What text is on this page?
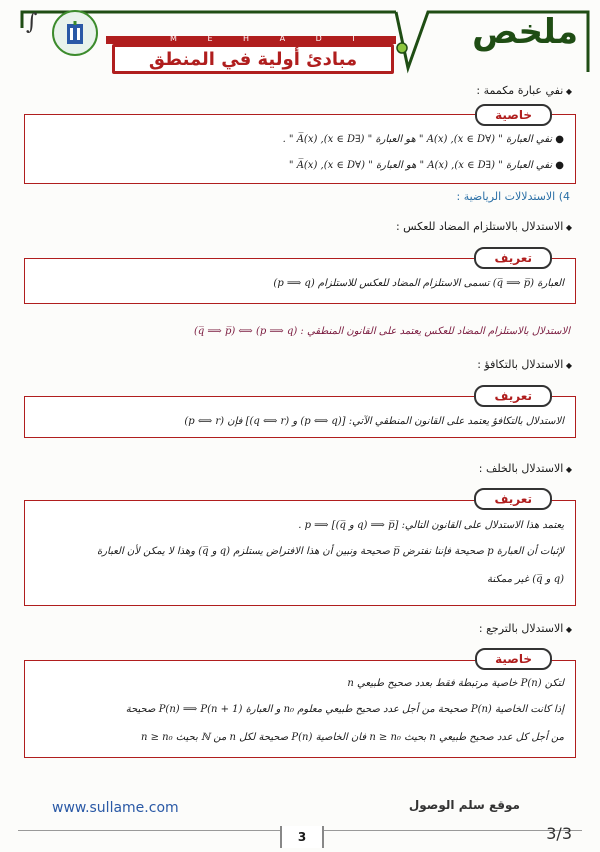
∫	ملخص
M E H A D I
مبادئ أولية في المنطق
◆ نفي عبارة مكممة :
خاصية
● نفي العبارة " (∀x ∈ D), A(x) " هو العبارة " (∃x ∈ D), A̅(x) " .
● نفي العبارة " (∃x ∈ D), A(x) " هو العبارة " (∀x ∈ D), A̅(x) "
4) الاستدلالات الرياضية :
◆ الاستدلال بالاستلزام المضاد للعكس :
تعريف
العبارة (q̅ ⟹ p̅) تسمى الاستلزام المضاد للعكس للاستلزام (p ⟹ q)
الاستدلال بالاستلزام المضاد للعكس يعتمد على القانون المنطقي : (p ⟹ q) ⟺ (q̅ ⟹ p̅)
◆ الاستدلال بالتكافؤ :
تعريف
الاستدلال بالتكافؤ يعتمد على القانون المنطقي الآتي: [(p ⟺ q) و (q ⟺ r)] فإن (p ⟺ r)
◆ الاستدلال بالخلف :
تعريف
يعتمد هذا الاستدلال على القانون التالي: [p̅ ⟹ (q و q̅)] ⟹ p .
لإثبات أن العبارة p صحيحة فإننا نفترض p̅ صحيحة ونبين أن هذا الافتراض يستلزم (q و q̅) وهذا لا يمكن لأن العبارة
(q و q̅) غير ممكنة
◆ الاستدلال بالترجع :
خاصية
لتكن P(n) خاصية مرتبطة فقط بعدد صحيح طبيعي n
إذا كانت الخاصية P(n) صحيحة من أجل عدد صحيح طبيعي معلوم n₀ و العبارة P(n) ⟹ P(n + 1) صحيحة
من أجل كل عدد صحيح طبيعي n بحيث n ≥ n₀ فان الخاصية P(n) صحيحة لكل n من ℕ بحيث n ≥ n₀
www.sullame.com	موقع سلم الوصول
3	3/3
